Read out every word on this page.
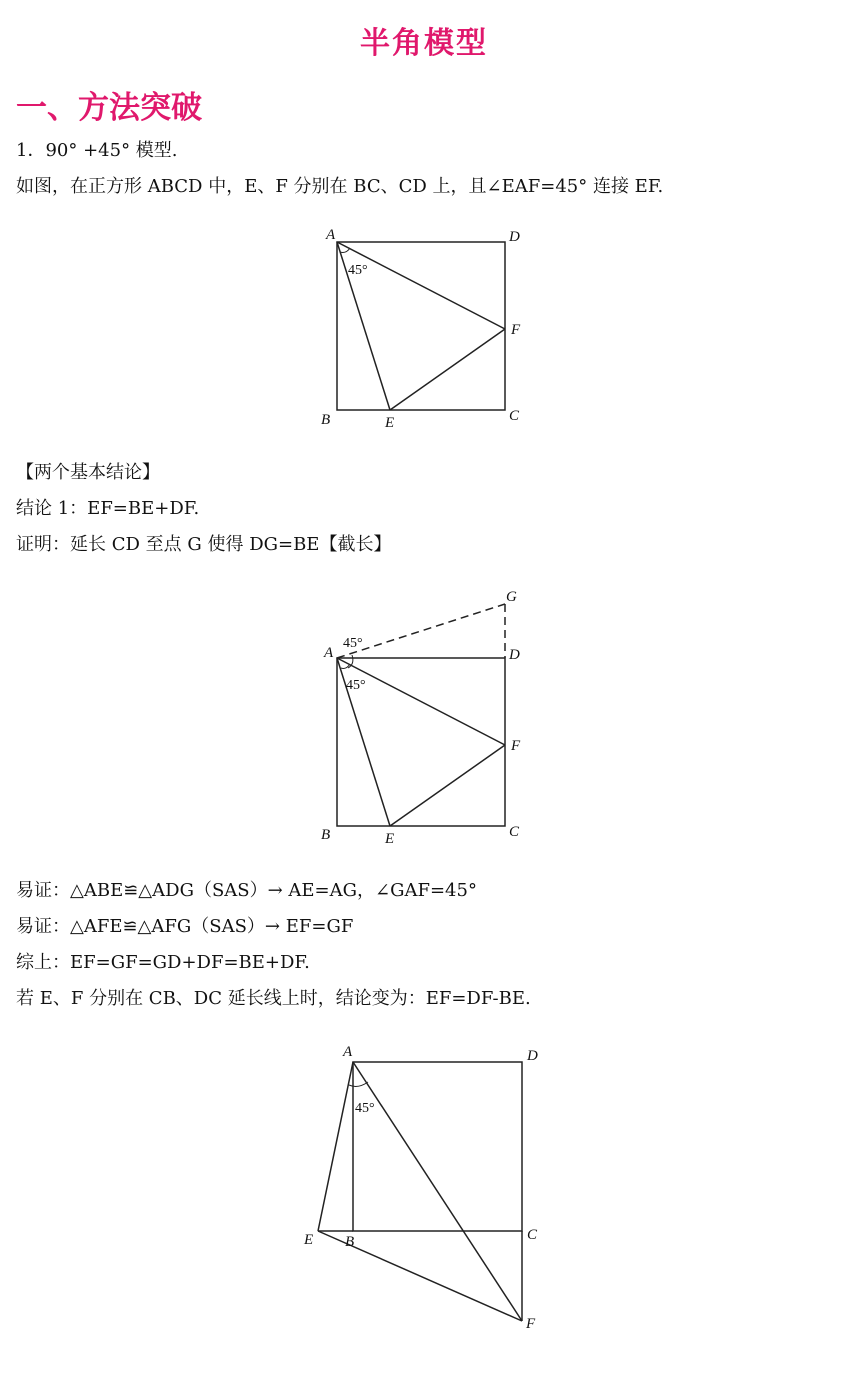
半角模型
一、方法突破
1．90° +45° 模型.
如图，在正方形 ABCD 中，E、F 分别在 BC、CD 上，且∠EAF=45° 连接 EF.
A	D
B	C
E
F
45°
【两个基本结论】
结论 1：EF=BE+DF.
证明：延长 CD 至点 G 使得 DG=BE【截长】
A	D
G
B	C
E
F
45°
45°
易证：△ABE≌△ADG（SAS）→ AE=AG，∠GAF=45°
易证：△AFE≌△AFG（SAS）→ EF=GF
综上：EF=GF=GD+DF=BE+DF.
若 E、F 分别在 CB、DC 延长线上时，结论变为：EF=DF-BE.
A	D
E B	C
F
45°
